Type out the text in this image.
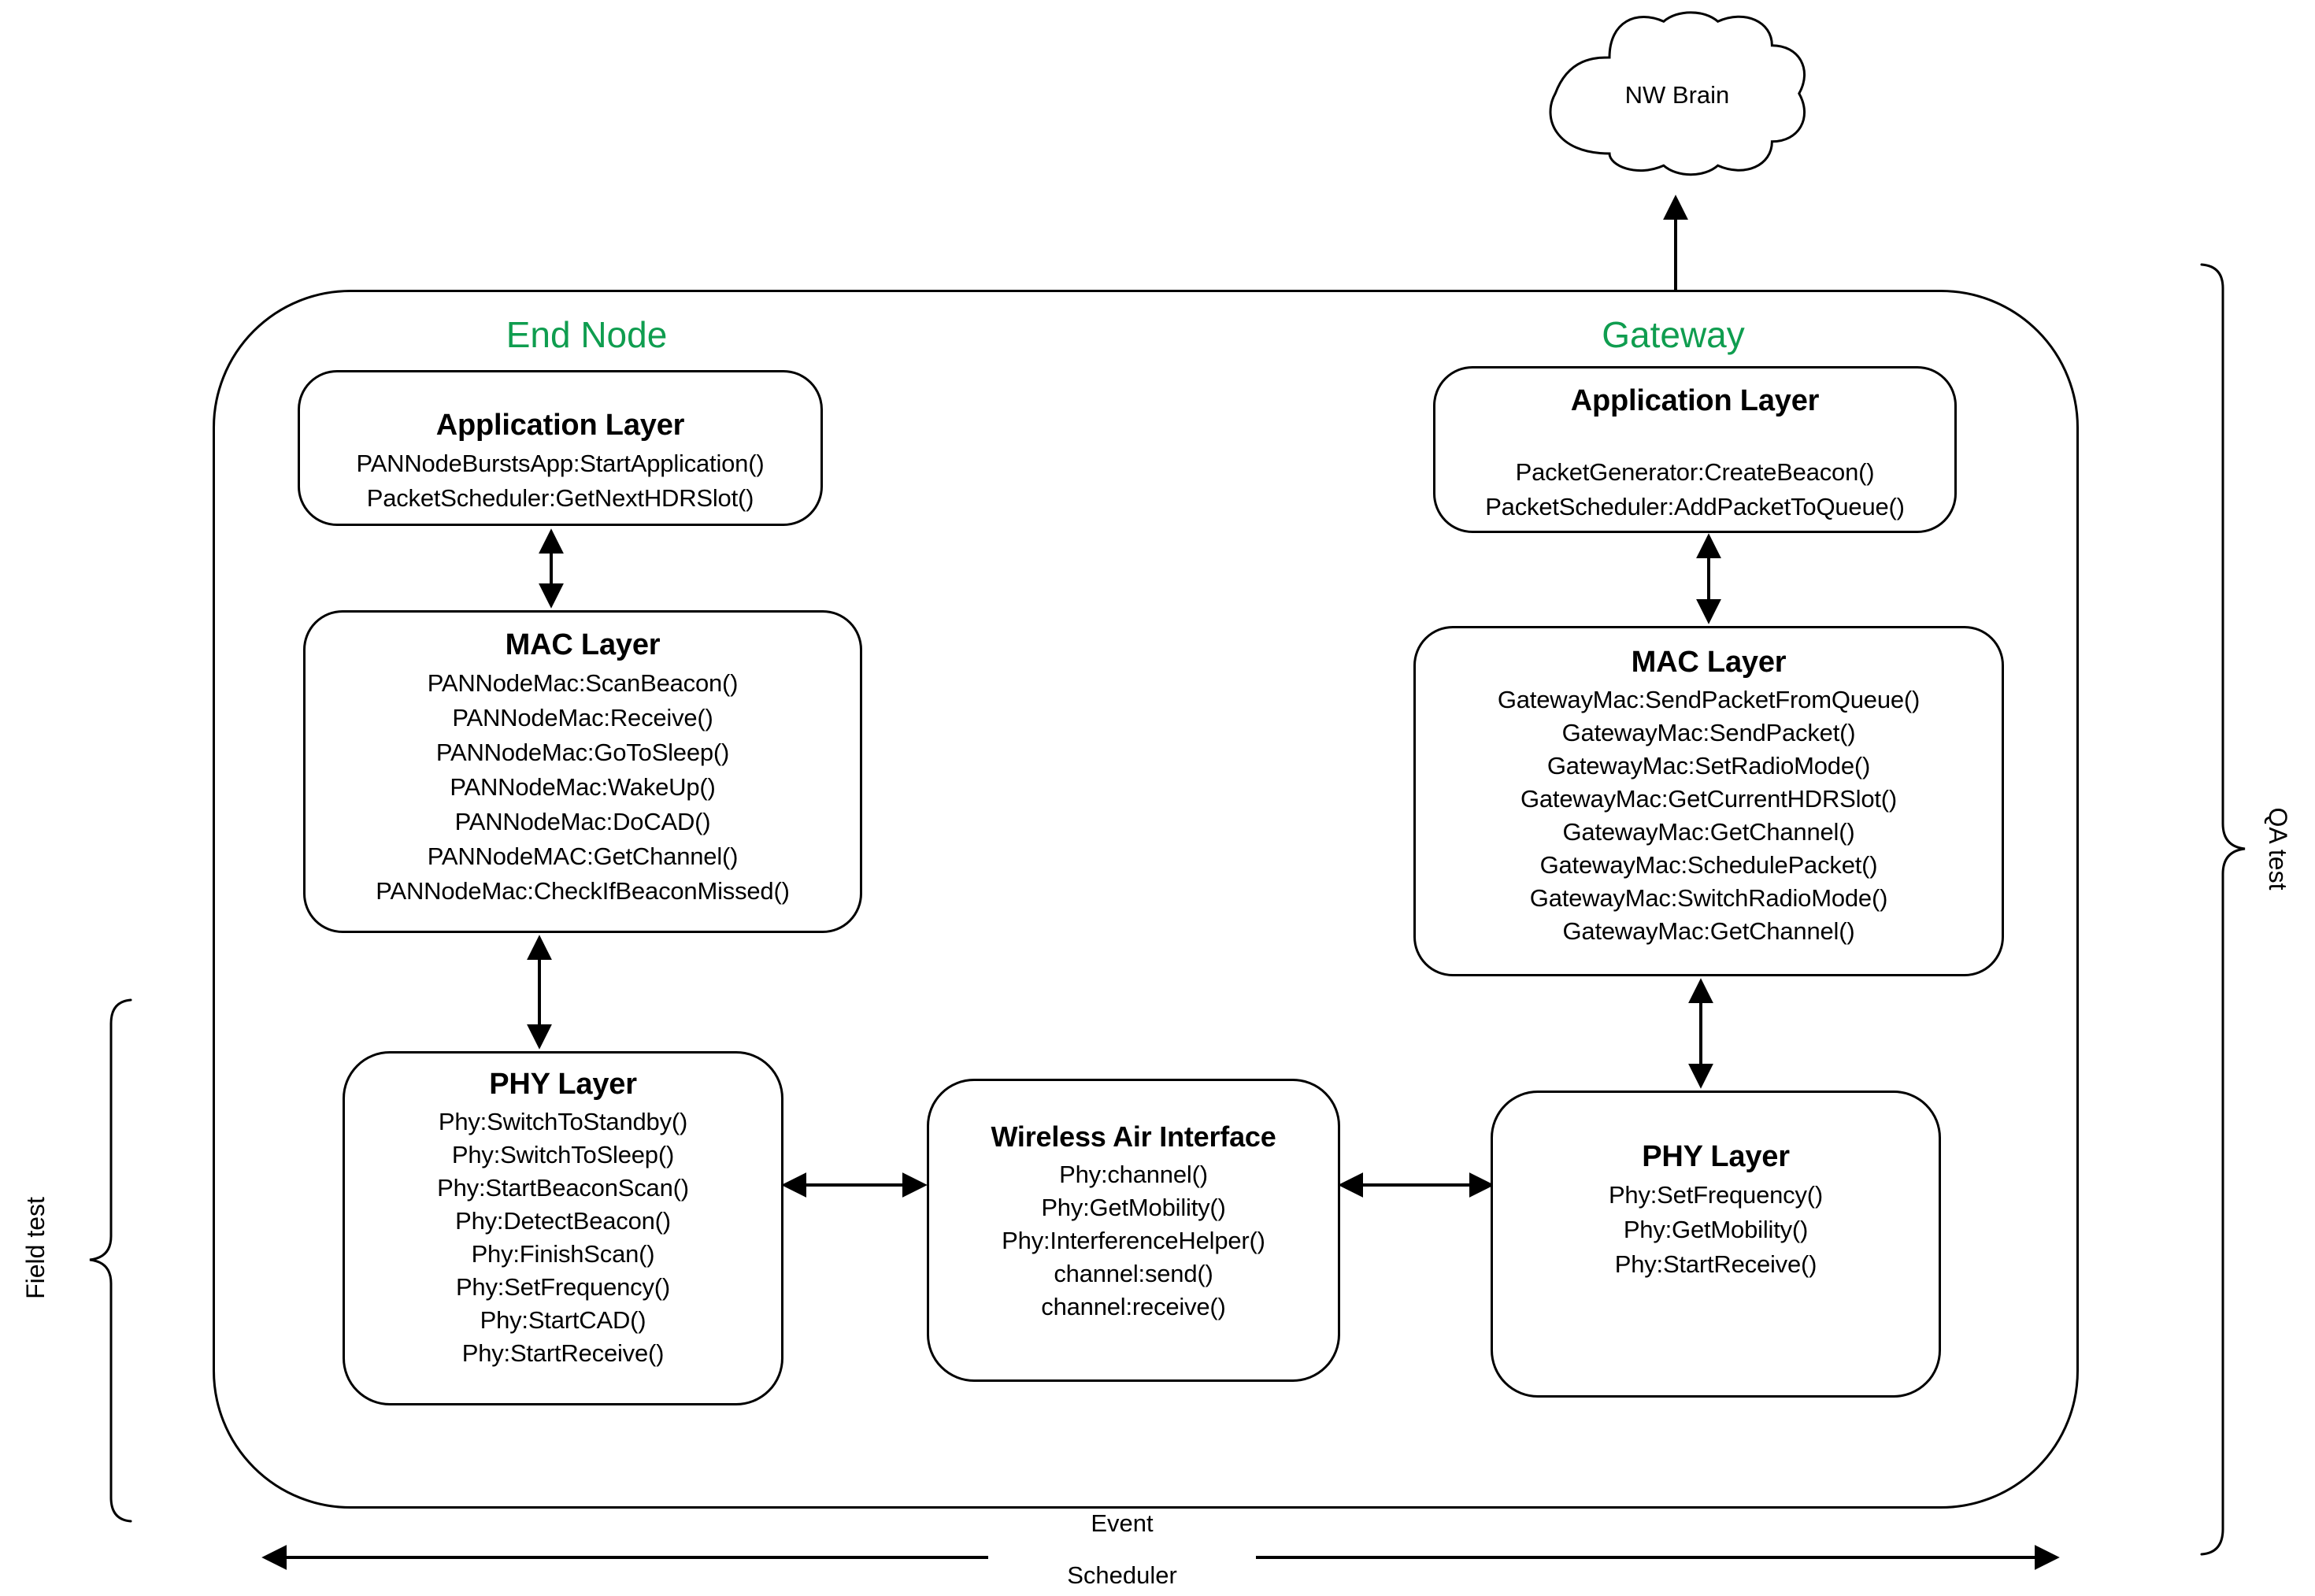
NW Brain
End Node	Gateway
Application Layer
PANNodeBurstsApp:StartApplication()
PacketScheduler:GetNextHDRSlot()
MAC Layer
PANNodeMac:ScanBeacon()
PANNodeMac:Receive()
PANNodeMac:GoToSleep()
PANNodeMac:WakeUp()
PANNodeMac:DoCAD()
PANNodeMAC:GetChannel()
PANNodeMac:CheckIfBeaconMissed()
PHY Layer
Phy:SwitchToStandby()
Phy:SwitchToSleep()
Phy:StartBeaconScan()
Phy:DetectBeacon()
Phy:FinishScan()
Phy:SetFrequency()
Phy:StartCAD()
Phy:StartReceive()
Wireless Air Interface
Phy:channel()
Phy:GetMobility()
Phy:InterferenceHelper()
channel:send()
channel:receive()
Application Layer
PacketGenerator:CreateBeacon()
PacketScheduler:AddPacketToQueue()
MAC Layer
GatewayMac:SendPacketFromQueue()
GatewayMac:SendPacket()
GatewayMac:SetRadioMode()
GatewayMac:GetCurrentHDRSlot()
GatewayMac:GetChannel()
GatewayMac:SchedulePacket()
GatewayMac:SwitchRadioMode()
GatewayMac:GetChannel()
PHY Layer
Phy:SetFrequency()
Phy:GetMobility()
Phy:StartReceive()
Field test
QA test
Event
Scheduler
